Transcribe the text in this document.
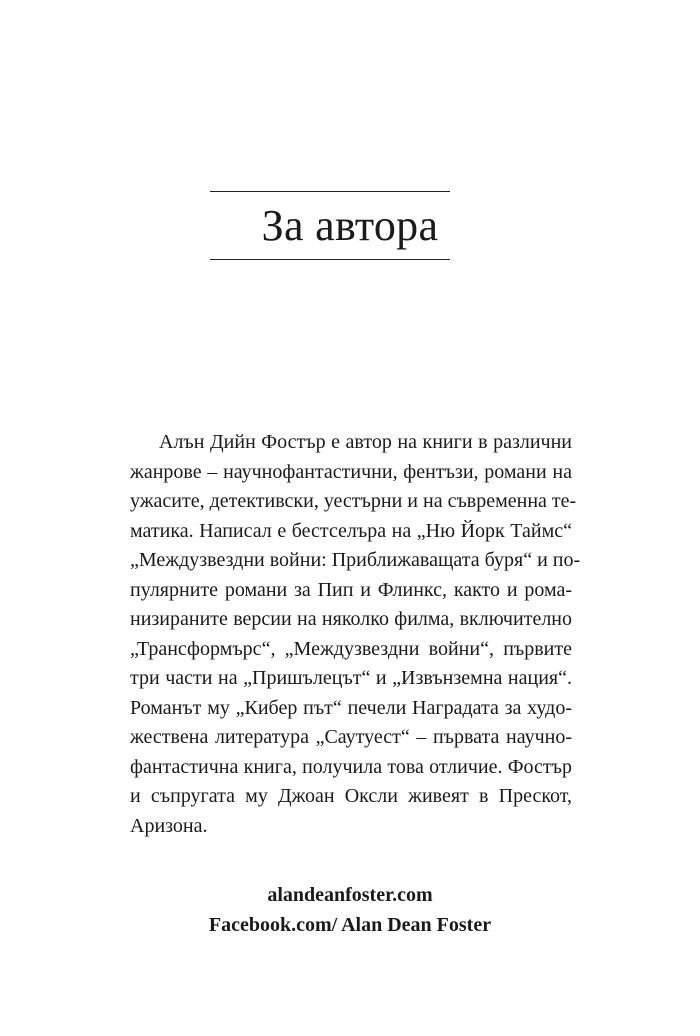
За автора
Алън Дийн Фостър е автор на книги в различни
жанрове – научнофантастични, фентъзи, романи на
ужасите, детективски, уестърни и на съвременна те-
матика. Написал е бестселъра на „Ню Йорк Таймс“
„Междузвездни войни: Приближаващата буря“ и по-
пулярните романи за Пип и Флинкс, както и рома-
низираните версии на няколко филма, включително
„Трансформърс“, „Междузвездни войни“, първите
три части на „Пришълецът“ и „Извънземна нация“.
Романът му „Кибер път“ печели Наградата за худо-
жествена литература „Саутуест“ – първата научно-
фантастична книга, получила това отличие. Фостър
и съпругата му Джоан Оксли живеят в Прескот,
Аризона.
alandeanfoster.com
Facebook.com/ Alan Dean Foster
